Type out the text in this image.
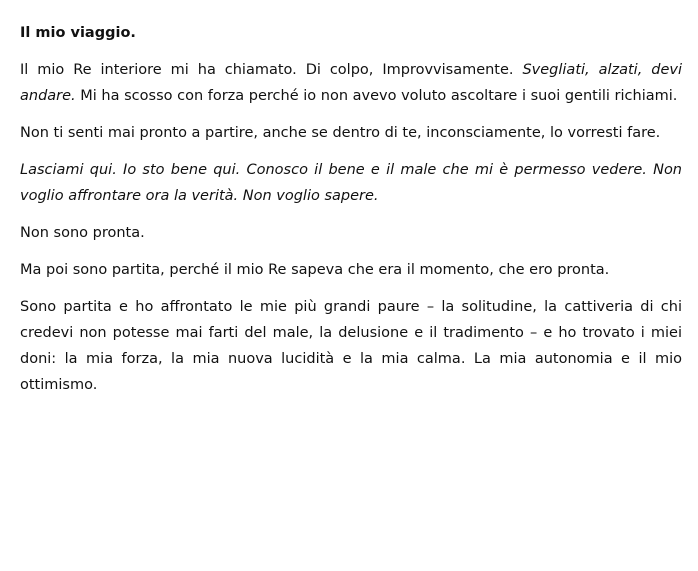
Il mio viaggio.

Il mio Re interiore mi ha chiamato. Di colpo, Improvvisamente. Svegliati, alzati, devi andare. Mi ha scosso con forza perché io non avevo voluto ascoltare i suoi gentili richiami.

Non ti senti mai pronto a partire, anche se dentro di te, inconsciamente, lo vorresti fare.

Lasciami qui. Io sto bene qui. Conosco il bene e il male che mi è permesso vedere. Non voglio affrontare ora la verità. Non voglio sapere.

Non sono pronta.

Ma poi sono partita, perché il mio Re sapeva che era il momento, che ero pronta.

Sono partita e ho affrontato le mie più grandi paure – la solitudine, la cattiveria di chi credevi non potesse mai farti del male, la delusione e il tradimento – e ho trovato i miei doni: la mia forza, la mia nuova lucidità e la mia calma. La mia autonomia e il mio ottimismo.
